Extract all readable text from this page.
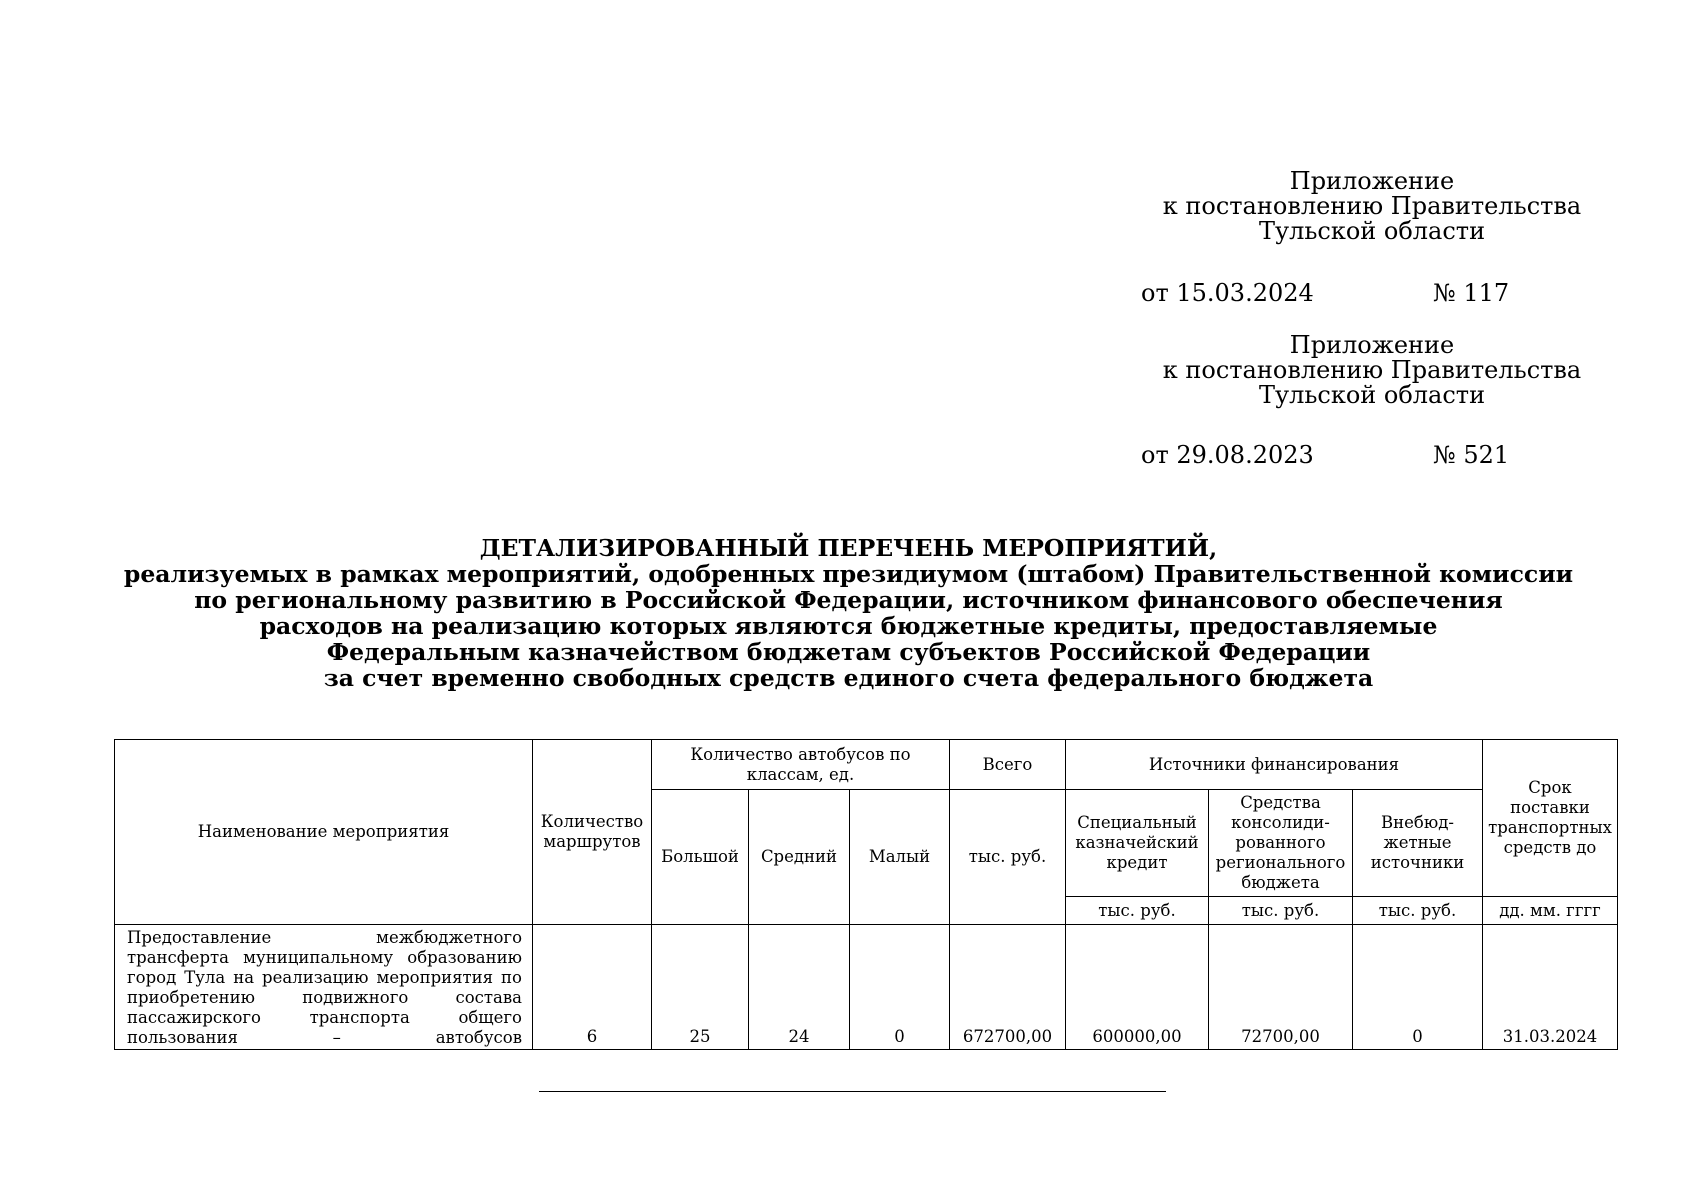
Приложение
к постановлению Правительства
Тульской области
от 15.03.2024	№ 117
Приложение
к постановлению Правительства
Тульской области
от 29.08.2023	№ 521
ДЕТАЛИЗИРОВАННЫЙ ПЕРЕЧЕНЬ МЕРОПРИЯТИЙ,
реализуемых в рамках мероприятий, одобренных президиумом (штабом) Правительственной комиссии
по региональному развитию в Российской Федерации, источником финансового обеспечения
расходов на реализацию которых являются бюджетные кредиты, предоставляемые
Федеральным казначейством бюджетам субъектов Российской Федерации
за счет временно свободных средств единого счета федерального бюджета
Наименование мероприятия	Количество маршрутов	Количество автобусов по классам, ед.			Всего	Источники финансирования			Срок поставки транспортных средств до
		Большой	Средний	Малый	тыс. руб.	Специальный казначейский кредит	Средства консолиди-рованного регионального бюджета	Внебюд-жетные источники	
						тыс. руб.	тыс. руб.	тыс. руб.	дд. мм. гггг
Предоставление межбюджетного трансферта муниципальному образованию город Тула на реализацию мероприятия по приобретению подвижного состава пассажирского транспорта общего пользования – автобусов	6	25	24	0	672700,00	600000,00	72700,00	0	31.03.2024
